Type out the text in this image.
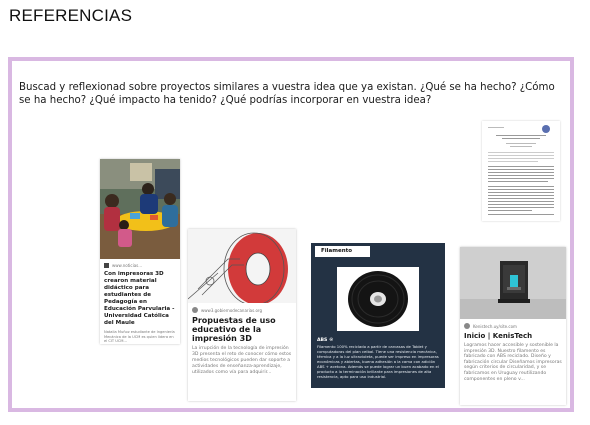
REFERENCIAS
Buscad y reflexionad sobre proyectos similares a vuestra idea que ya existan. ¿Qué se ha hecho? ¿Cómo se ha hecho? ¿Qué impacto ha tenido? ¿Qué podrías incorporar en vuestra idea?
www.noticias...
Con impresoras 3D crearon material didáctico para estudiantes de Pedagogía en Educación Parvularia - Universidad Católica del Maule
Natalia Muñoz estudiante de Ingeniería Mecánica de la UCM es quien lidera en el CIT UCM...
www3.gobiernodecanarias.org
Propuestas de uso educativo de la impresión 3D
La irrupción de la tecnología de impresión 3D presenta el reto de conocer cómo estos medios tecnológicos pueden dar soporte a actividades de enseñanza-aprendizaje, utilizados como vía para adquirir...
Filamento
ABS ®
Filamento 100% reciclado a partir de carcasas de Tablet y computadoras del plan ceibal. Tiene una resistencia mecánica, térmica y a la luz ultravioleta, puede ser impreso en impresoras económicas y abiertas, buena adhesión a la cama con adición ABS + acetona. Además se puede lograr un buen acabado en el producto a la terminación brillante para impresiones de alta resistencia, apto para uso industrial.
Kenistech.uy/site.com
Inicio | KenisTech
Logramos hacer accesible y sostenible la impresión 3D. Nuestro filamento es fabricado con ABS reciclado. Diseño y fabricación circular Diseñamos impresoras según criterios de circularidad, y se fabricamos en Uruguay reutilizando componentes en pleno v...
